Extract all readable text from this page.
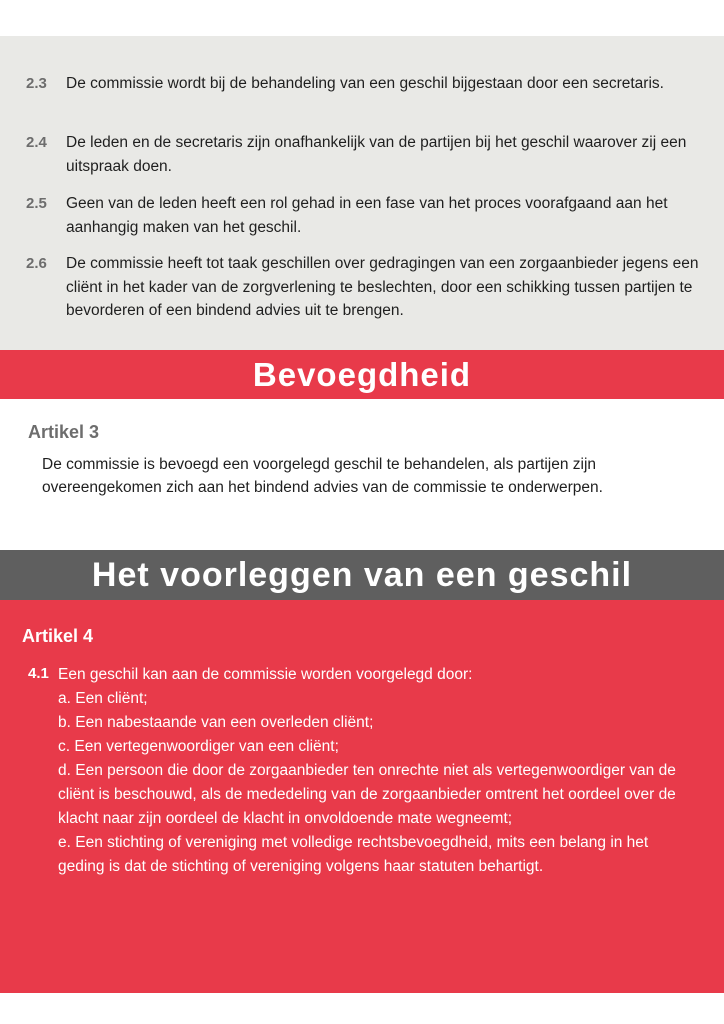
2.3 De commissie wordt bij de behandeling van een geschil bijgestaan door een secretaris.
2.4 De leden en de secretaris zijn onafhankelijk van de partijen bij het geschil waarover zij een uitspraak doen.
2.5 Geen van de leden heeft een rol gehad in een fase van het proces voorafgaand aan het aanhangig maken van het geschil.
2.6 De commissie heeft tot taak geschillen over gedragingen van een zorgaanbieder jegens een cliënt in het kader van de zorgverlening te beslechten, door een schikking tussen partijen te bevorderen of een bindend advies uit te brengen.
Bevoegdheid
Artikel 3
De commissie is bevoegd een voorgelegd geschil te behandelen, als partijen zijn overeengekomen zich aan het bindend advies van de commissie te onderwerpen.
Het voorleggen van een geschil
Artikel 4
4.1 Een geschil kan aan de commissie worden voorgelegd door:
a. Een cliënt;
b. Een nabestaande van een overleden cliënt;
c. Een vertegenwoordiger van een cliënt;
d. Een persoon die door de zorgaanbieder ten onrechte niet als vertegenwoordiger van de cliënt is beschouwd, als de mededeling van de zorgaanbieder omtrent het oordeel over de klacht naar zijn oordeel de klacht in onvoldoende mate wegneemt;
e. Een stichting of vereniging met volledige rechtsbevoegdheid, mits een belang in het geding is dat de stichting of vereniging volgens haar statuten behartigt.
